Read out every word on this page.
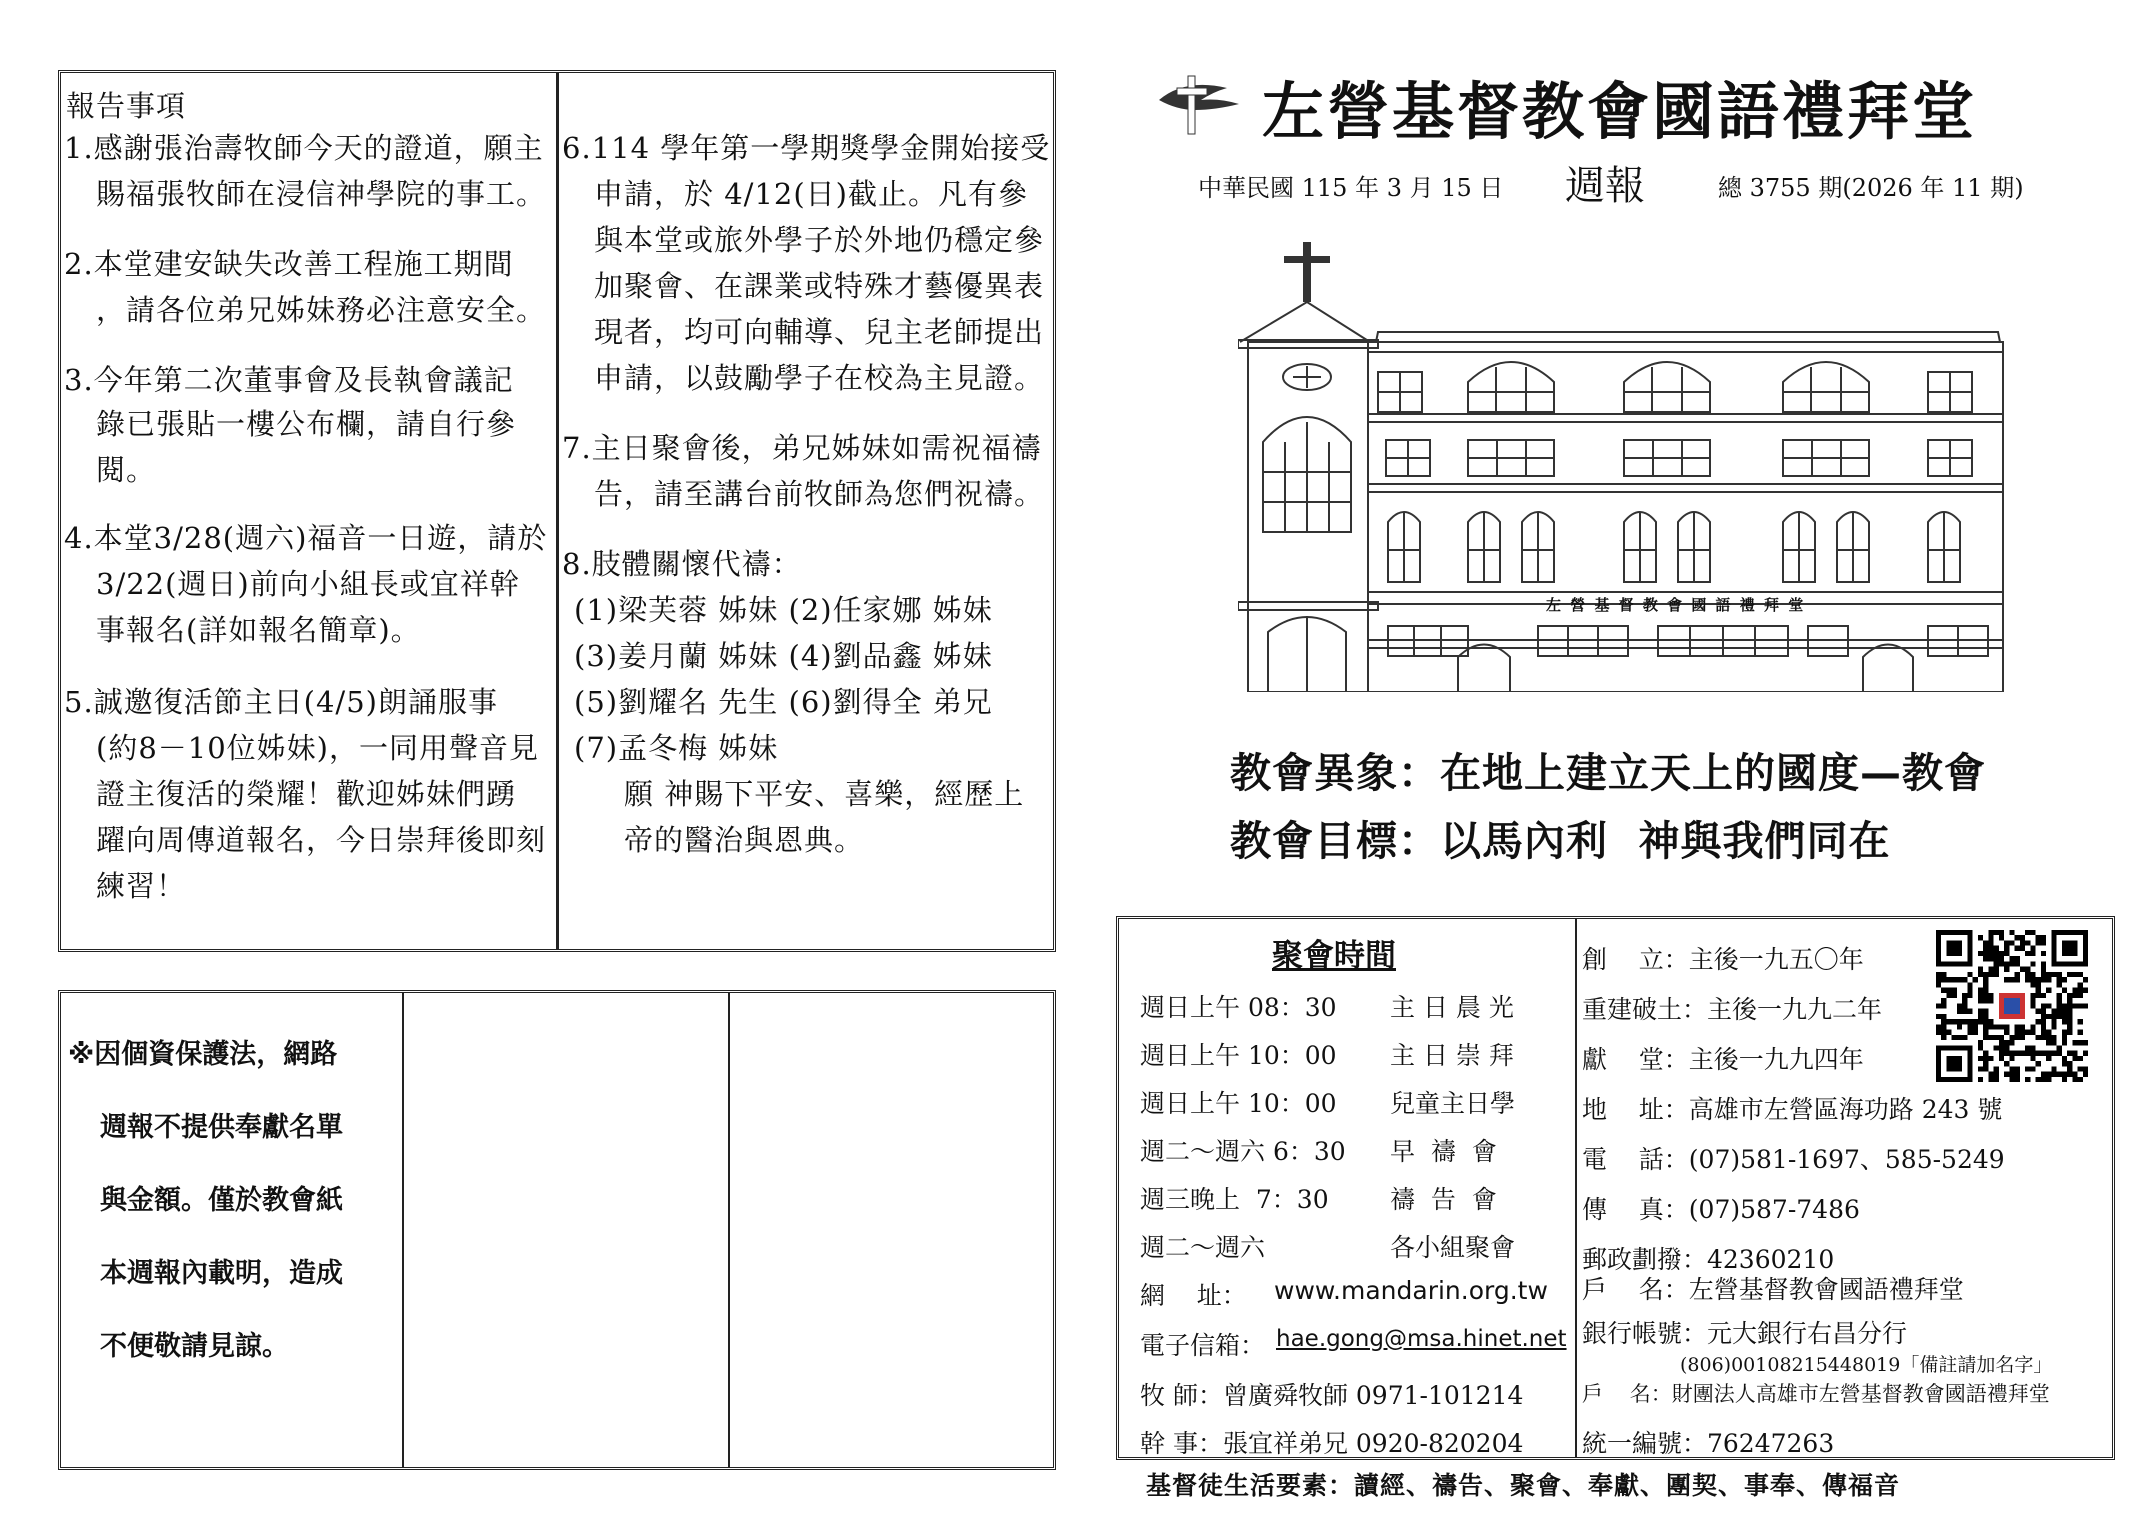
報告事項
1.感謝張治壽牧師今天的證道，願主
賜福張牧師在浸信神學院的事工。
2.本堂建安缺失改善工程施工期間
，請各位弟兄姊妹務必注意安全。
3.今年第二次董事會及長執會議記
錄已張貼一樓公布欄，請自行參
閱。
4.本堂3/28(週六)福音一日遊，請於
3/22(週日)前向小組長或宜祥幹
事報名(詳如報名簡章)。
5.誠邀復活節主日(4/5)朗誦服事
(約8－10位姊妹)，一同用聲音見
證主復活的榮耀！歡迎姊妹們踴
躍向周傳道報名，今日崇拜後即刻
練習！
6.114 學年第一學期獎學金開始接受
申請，於 4/12(日)截止。凡有參
與本堂或旅外學子於外地仍穩定參
加聚會、在課業或特殊才藝優異表
現者，均可向輔導、兒主老師提出
申請，以鼓勵學子在校為主見證。
7.主日聚會後，弟兄姊妹如需祝福禱
告，請至講台前牧師為您們祝禱。
8.肢體關懷代禱：
(1)梁芙蓉 姊妹 (2)任家娜 姊妹
(3)姜月蘭 姊妹 (4)劉品鑫 姊妹
(5)劉耀名 先生 (6)劉得全 弟兄
(7)孟冬梅 姊妹
願 神賜下平安、喜樂，經歷上
帝的醫治與恩典。
※因個資保護法，網路
週報不提供奉獻名單
與金額。僅於教會紙
本週報內載明，造成
不便敬請見諒。
左營基督教會國語禮拜堂
中華民國 115 年 3 月 15 日 週報	總 3755 期(2026 年 11 期)
左 營 基 督 教 會 國 語 禮 拜 堂
教會異象：在地上建立天上的國度—教會
教會目標：以馬內利  神與我們同在
聚會時間
週日上午 08：30 主 日 晨 光
週日上午 10：00 主 日 崇 拜
週日上午 10：00 兒童主日學
週二～週六 6：30 早  禱  會
週三晚上  7：30 禱  告  會
週二～週六	各小組聚會
網    址： www.mandarin.org.tw
電子信箱： hae.gong@msa.hinet.net
牧 師：曾廣舜牧師 0971-101214
幹 事：張宜祥弟兄 0920-820204
創    立：主後一九五〇年
重建破土：主後一九九二年
獻    堂：主後一九九四年
地    址：高雄市左營區海功路 243 號
電    話：(07)581-1697、585-5249
傳    真：(07)587-7486
郵政劃撥：42360210
戶    名：左營基督教會國語禮拜堂
銀行帳號：元大銀行右昌分行
(806)00108215448019「備註請加名字」
戶    名：財團法人高雄市左營基督教會國語禮拜堂
統一編號：76247263
基督徒生活要素：讀經、禱告、聚會、奉獻、團契、事奉、傳福音
